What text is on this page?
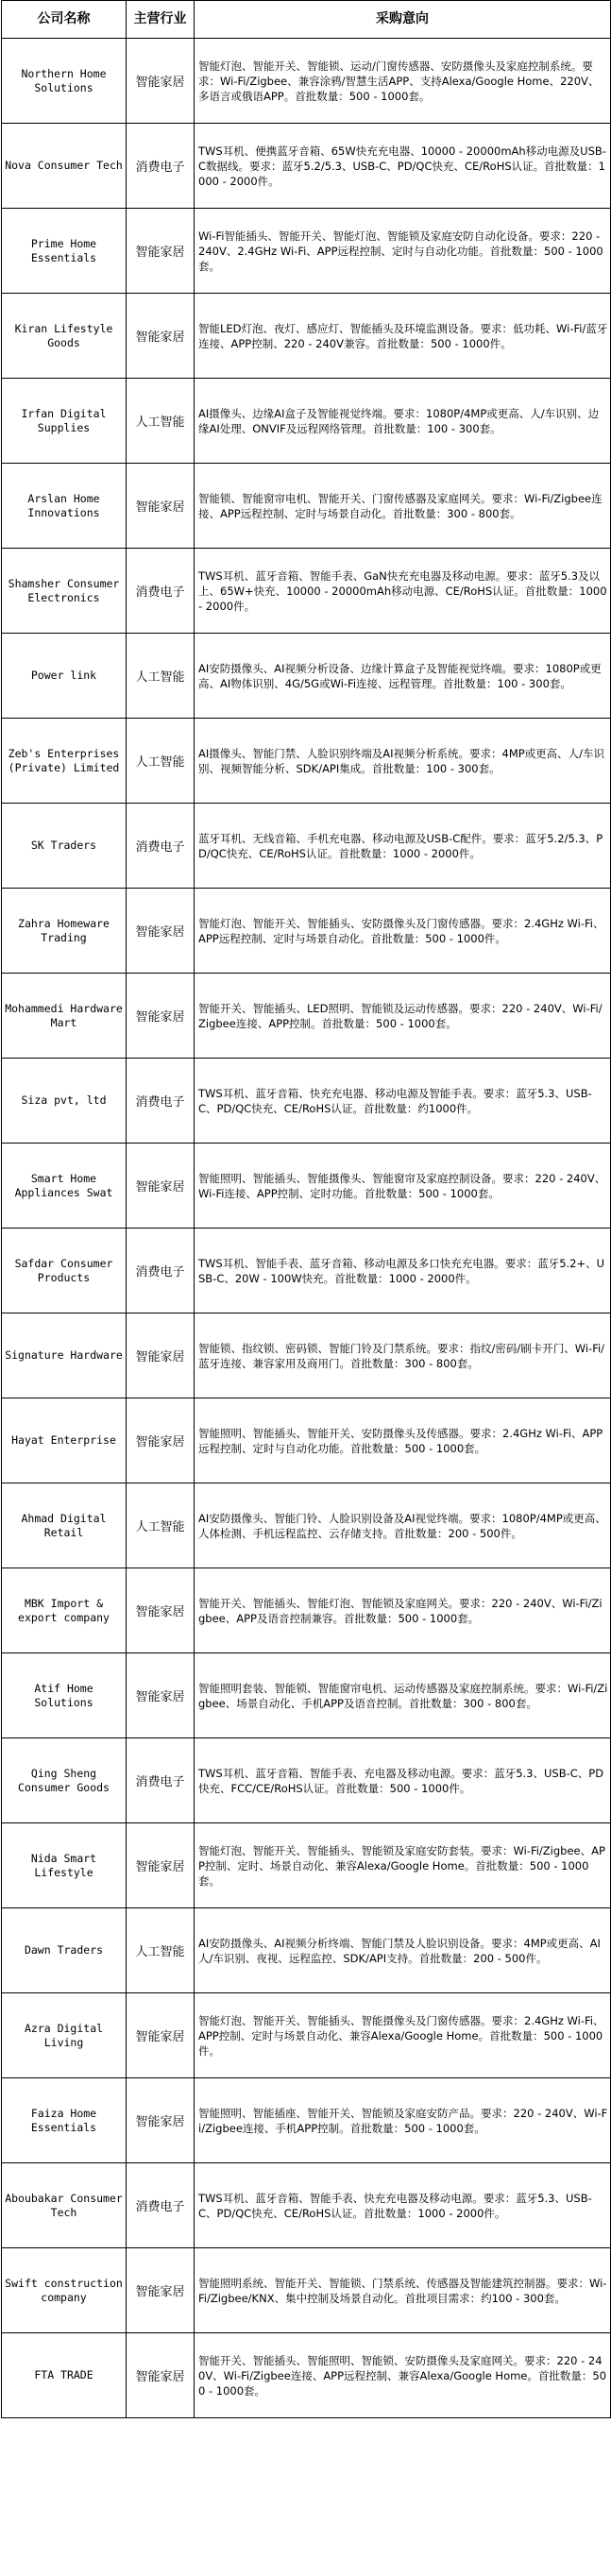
公司名称	主营行业	采购意向
Northern Home Solutions	智能家居	智能灯泡、智能开关、智能锁、运动/门窗传感器、安防摄像头及家庭控制系统。要求：Wi-Fi/Zigbee、兼容涂鸦/智慧生活APP、支持Alexa/Google Home、220V、多语言或俄语APP。首批数量：500 - 1000套。
Nova Consumer Tech	消费电子	TWS耳机、便携蓝牙音箱、65W快充充电器、10000 - 20000mAh移动电源及USB-C数据线。要求：蓝牙5.2/5.3、USB-C、PD/QC快充、CE/RoHS认证。首批数量：1000 - 2000件。
Prime Home Essentials	智能家居	Wi-Fi智能插头、智能开关、智能灯泡、智能锁及家庭安防自动化设备。要求：220 - 240V、2.4GHz Wi-Fi、APP远程控制、定时与自动化功能。首批数量：500 - 1000套。
Kiran Lifestyle Goods	智能家居	智能LED灯泡、夜灯、感应灯、智能插头及环境监测设备。要求：低功耗、Wi-Fi/蓝牙连接、APP控制、220 - 240V兼容。首批数量：500 - 1000件。
Irfan Digital Supplies	人工智能	AI摄像头、边缘AI盒子及智能视觉终端。要求：1080P/4MP或更高、人/车识别、边缘AI处理、ONVIF及远程网络管理。首批数量：100 - 300套。
Arslan Home Innovations	智能家居	智能锁、智能窗帘电机、智能开关、门窗传感器及家庭网关。要求：Wi-Fi/Zigbee连接、APP远程控制、定时与场景自动化。首批数量：300 - 800套。
Shamsher Consumer Electronics	消费电子	TWS耳机、蓝牙音箱、智能手表、GaN快充充电器及移动电源。要求：蓝牙5.3及以上、65W+快充、10000 - 20000mAh移动电源、CE/RoHS认证。首批数量：1000 - 2000件。
Power link	人工智能	AI安防摄像头、AI视频分析设备、边缘计算盒子及智能视觉终端。要求：1080P或更高、AI物体识别、4G/5G或Wi-Fi连接、远程管理。首批数量：100 - 300套。
Zeb's Enterprises (Private) Limited	人工智能	AI摄像头、智能门禁、人脸识别终端及AI视频分析系统。要求：4MP或更高、人/车识别、视频智能分析、SDK/API集成。首批数量：100 - 300套。
SK Traders	消费电子	蓝牙耳机、无线音箱、手机充电器、移动电源及USB-C配件。要求：蓝牙5.2/5.3、PD/QC快充、CE/RoHS认证。首批数量：1000 - 2000件。
Zahra Homeware Trading	智能家居	智能灯泡、智能开关、智能插头、安防摄像头及门窗传感器。要求：2.4GHz Wi-Fi、APP远程控制、定时与场景自动化。首批数量：500 - 1000件。
Mohammedi Hardware Mart	智能家居	智能开关、智能插头、LED照明、智能锁及运动传感器。要求：220 - 240V、Wi-Fi/Zigbee连接、APP控制。首批数量：500 - 1000套。
Siza pvt, ltd	消费电子	TWS耳机、蓝牙音箱、快充充电器、移动电源及智能手表。要求：蓝牙5.3、USB-C、PD/QC快充、CE/RoHS认证。首批数量：约1000件。
Smart Home Appliances Swat	智能家居	智能照明、智能插头、智能摄像头、智能窗帘及家庭控制设备。要求：220 - 240V、Wi-Fi连接、APP控制、定时功能。首批数量：500 - 1000套。
Safdar Consumer Products	消费电子	TWS耳机、智能手表、蓝牙音箱、移动电源及多口快充充电器。要求：蓝牙5.2+、USB-C、20W - 100W快充。首批数量：1000 - 2000件。
Signature Hardware	智能家居	智能锁、指纹锁、密码锁、智能门铃及门禁系统。要求：指纹/密码/刷卡开门、Wi-Fi/蓝牙连接、兼容家用及商用门。首批数量：300 - 800套。
Hayat Enterprise	智能家居	智能照明、智能插头、智能开关、安防摄像头及传感器。要求：2.4GHz Wi-Fi、APP远程控制、定时与自动化功能。首批数量：500 - 1000套。
Ahmad Digital Retail	人工智能	AI安防摄像头、智能门铃、人脸识别设备及AI视觉终端。要求：1080P/4MP或更高、人体检测、手机远程监控、云存储支持。首批数量：200 - 500件。
MBK Import & export company	智能家居	智能开关、智能插头、智能灯泡、智能锁及家庭网关。要求：220 - 240V、Wi-Fi/Zigbee、APP及语音控制兼容。首批数量：500 - 1000套。
Atif Home Solutions	智能家居	智能照明套装、智能锁、智能窗帘电机、运动传感器及家庭控制系统。要求：Wi-Fi/Zigbee、场景自动化、手机APP及语音控制。首批数量：300 - 800套。
Qing Sheng Consumer Goods	消费电子	TWS耳机、蓝牙音箱、智能手表、充电器及移动电源。要求：蓝牙5.3、USB-C、PD快充、FCC/CE/RoHS认证。首批数量：500 - 1000件。
Nida Smart Lifestyle	智能家居	智能灯泡、智能开关、智能插头、智能锁及家庭安防套装。要求：Wi-Fi/Zigbee、APP控制、定时、场景自动化、兼容Alexa/Google Home。首批数量：500 - 1000套。
Dawn Traders	人工智能	AI安防摄像头、AI视频分析终端、智能门禁及人脸识别设备。要求：4MP或更高、AI人/车识别、夜视、远程监控、SDK/API支持。首批数量：200 - 500件。
Azra Digital Living	智能家居	智能灯泡、智能开关、智能插头、智能摄像头及门窗传感器。要求：2.4GHz Wi-Fi、APP控制、定时与场景自动化、兼容Alexa/Google Home。首批数量：500 - 1000件。
Faiza Home Essentials	智能家居	智能照明、智能插座、智能开关、智能锁及家庭安防产品。要求：220 - 240V、Wi-Fi/Zigbee连接、手机APP控制。首批数量：500 - 1000套。
Aboubakar Consumer Tech	消费电子	TWS耳机、蓝牙音箱、智能手表、快充充电器及移动电源。要求：蓝牙5.3、USB-C、PD/QC快充、CE/RoHS认证。首批数量：1000 - 2000件。
Swift construction company	智能家居	智能照明系统、智能开关、智能锁、门禁系统、传感器及智能建筑控制器。要求：Wi-Fi/Zigbee/KNX、集中控制及场景自动化。首批项目需求：约100 - 300套。
FTA TRADE	智能家居	智能开关、智能插头、智能照明、智能锁、安防摄像头及家庭网关。要求：220 - 240V、Wi-Fi/Zigbee连接、APP远程控制、兼容Alexa/Google Home。首批数量：500 - 1000套。
